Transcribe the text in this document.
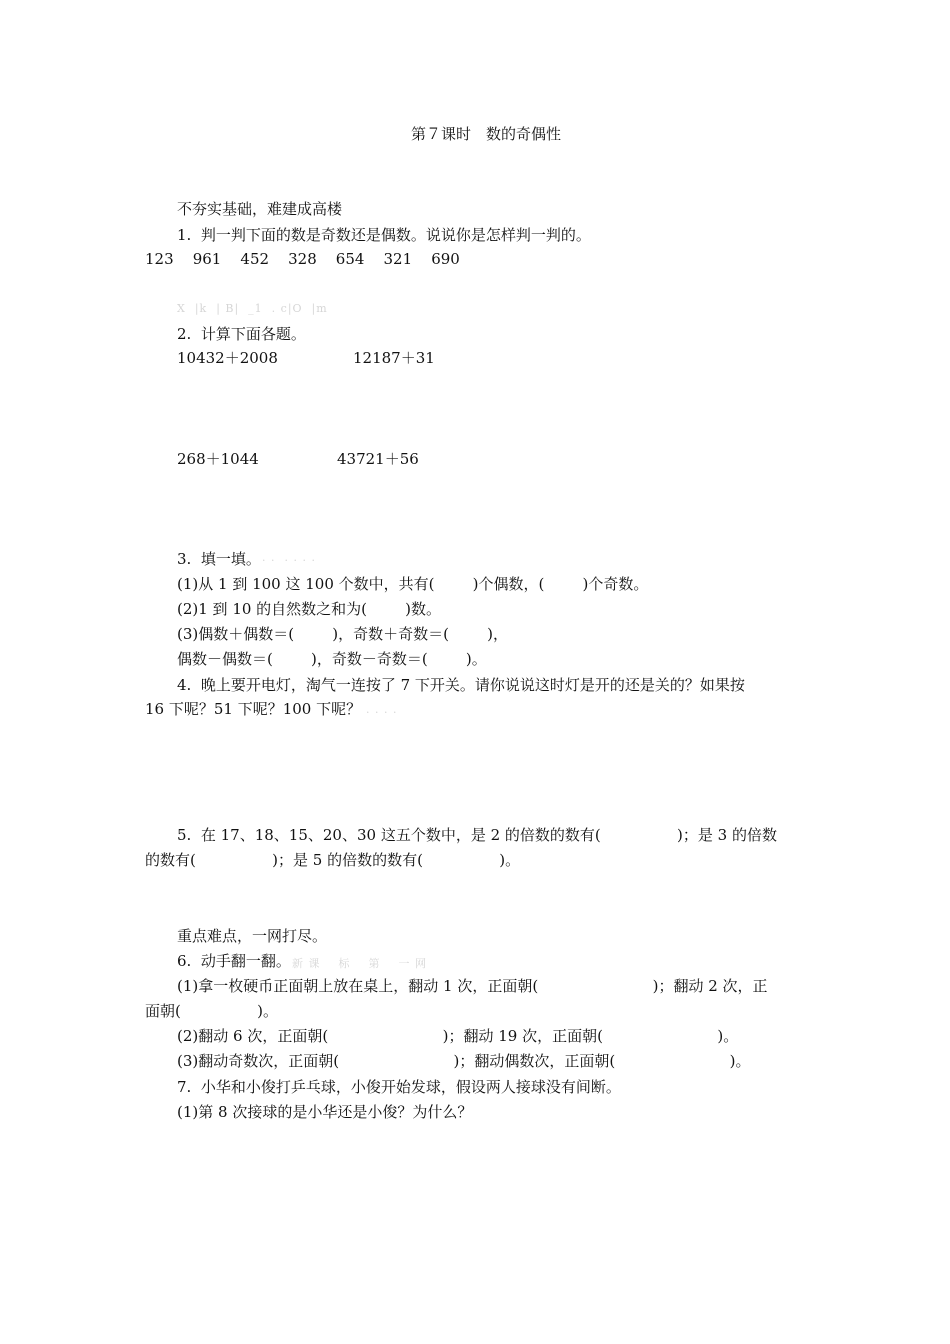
第７课时　数的奇偶性
不夯实基础，难建成高楼
1.  判一判下面的数是奇数还是偶数。说说你是怎样判一判的。
123    961    452    328    654    321    690
X  |k  | B|  _1  . c|O  |m
2.  计算下面各题。
10432＋2008	12187＋31
268＋1044	43721＋56
3.  填一填。 · ·  · · · ·
(1)从 1 到 100 这 100 个数中，共有(        )个偶数，(        )个奇数。
(2)1 到 10 的自然数之和为(        )数。
(3)偶数＋偶数＝(        )，奇数＋奇数＝(        )，
偶数－偶数＝(        )，奇数－奇数＝(        )。
4.  晚上要开电灯，淘气一连按了 7 下开关。请你说说这时灯是开的还是关的？如果按
16 下呢？51 下呢？100 下呢？ · · · ·
5.  在 17、18、15、20、30 这五个数中，是 2 的倍数的数有(                )；是 3 的倍数
的数有(                )；是 5 的倍数的数有(                )。
重点难点，一网打尽。
6.  动手翻一翻。 新 课    标    第    一 网
(1)拿一枚硬币正面朝上放在桌上，翻动 1 次，正面朝(                        )；翻动 2 次，正
面朝(                )。
(2)翻动 6 次，正面朝(                        )；翻动 19 次，正面朝(                        )。
(3)翻动奇数次，正面朝(                        )；翻动偶数次，正面朝(                        )。
7.  小华和小俊打乒乓球，小俊开始发球，假设两人接球没有间断。
(1)第 8 次接球的是小华还是小俊？为什么？
